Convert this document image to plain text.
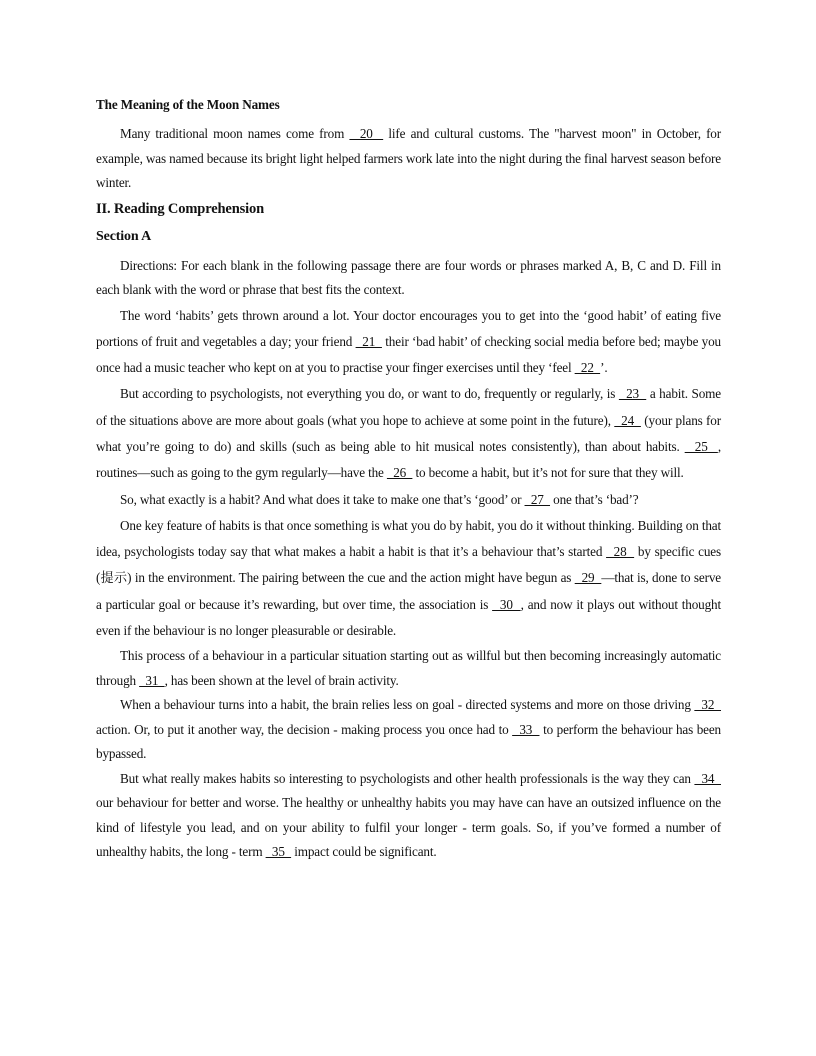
The Meaning of the Moon Names

Many traditional moon names come from   20   life and cultural customs. The "harvest moon" in October, for example, was named because its bright light helped farmers work late into the night during the final harvest season before winter.

II. Reading Comprehension
Section A

Directions: For each blank in the following passage there are four words or phrases marked A, B, C and D. Fill in each blank with the word or phrase that best fits the context.

The word ‘habits’ gets thrown around a lot. Your doctor encourages you to get into the ‘good habit’ of eating five portions of fruit and vegetables a day; your friend   21   their ‘bad habit’ of checking social media before bed; maybe you once had a music teacher who kept on at you to practise your finger exercises until they ‘feel   22  ’.

But according to psychologists, not everything you do, or want to do, frequently or regularly, is   23   a habit. Some of the situations above are more about goals (what you hope to achieve at some point in the future),   24   (your plans for what you’re going to do) and skills (such as being able to hit musical notes consistently), than about habits.   25  , routines—such as going to the gym regularly—have the   26   to become a habit, but it’s not for sure that they will.

So, what exactly is a habit? And what does it take to make one that’s ‘good’ or   27   one that’s ‘bad’?

One key feature of habits is that once something is what you do by habit, you do it without thinking. Building on that idea, psychologists today say that what makes a habit a habit is that it’s a behaviour that’s started   28   by specific cues (提示) in the environment. The pairing between the cue and the action might have begun as   29  —that is, done to serve a particular goal or because it’s rewarding, but over time, the association is   30  , and now it plays out without thought even if the behaviour is no longer pleasurable or desirable.

This process of a behaviour in a particular situation starting out as willful but then becoming increasingly automatic through   31  , has been shown at the level of brain activity.

When a behaviour turns into a habit, the brain relies less on goal - directed systems and more on those driving   32   action. Or, to put it another way, the decision - making process you once had to   33   to perform the behaviour has been bypassed.

But what really makes habits so interesting to psychologists and other health professionals is the way they can   34   our behaviour for better and worse. The healthy or unhealthy habits you may have can have an outsized influence on the kind of lifestyle you lead, and on your ability to fulfil your longer - term goals. So, if you’ve formed a number of unhealthy habits, the long - term   35   impact could be significant.
